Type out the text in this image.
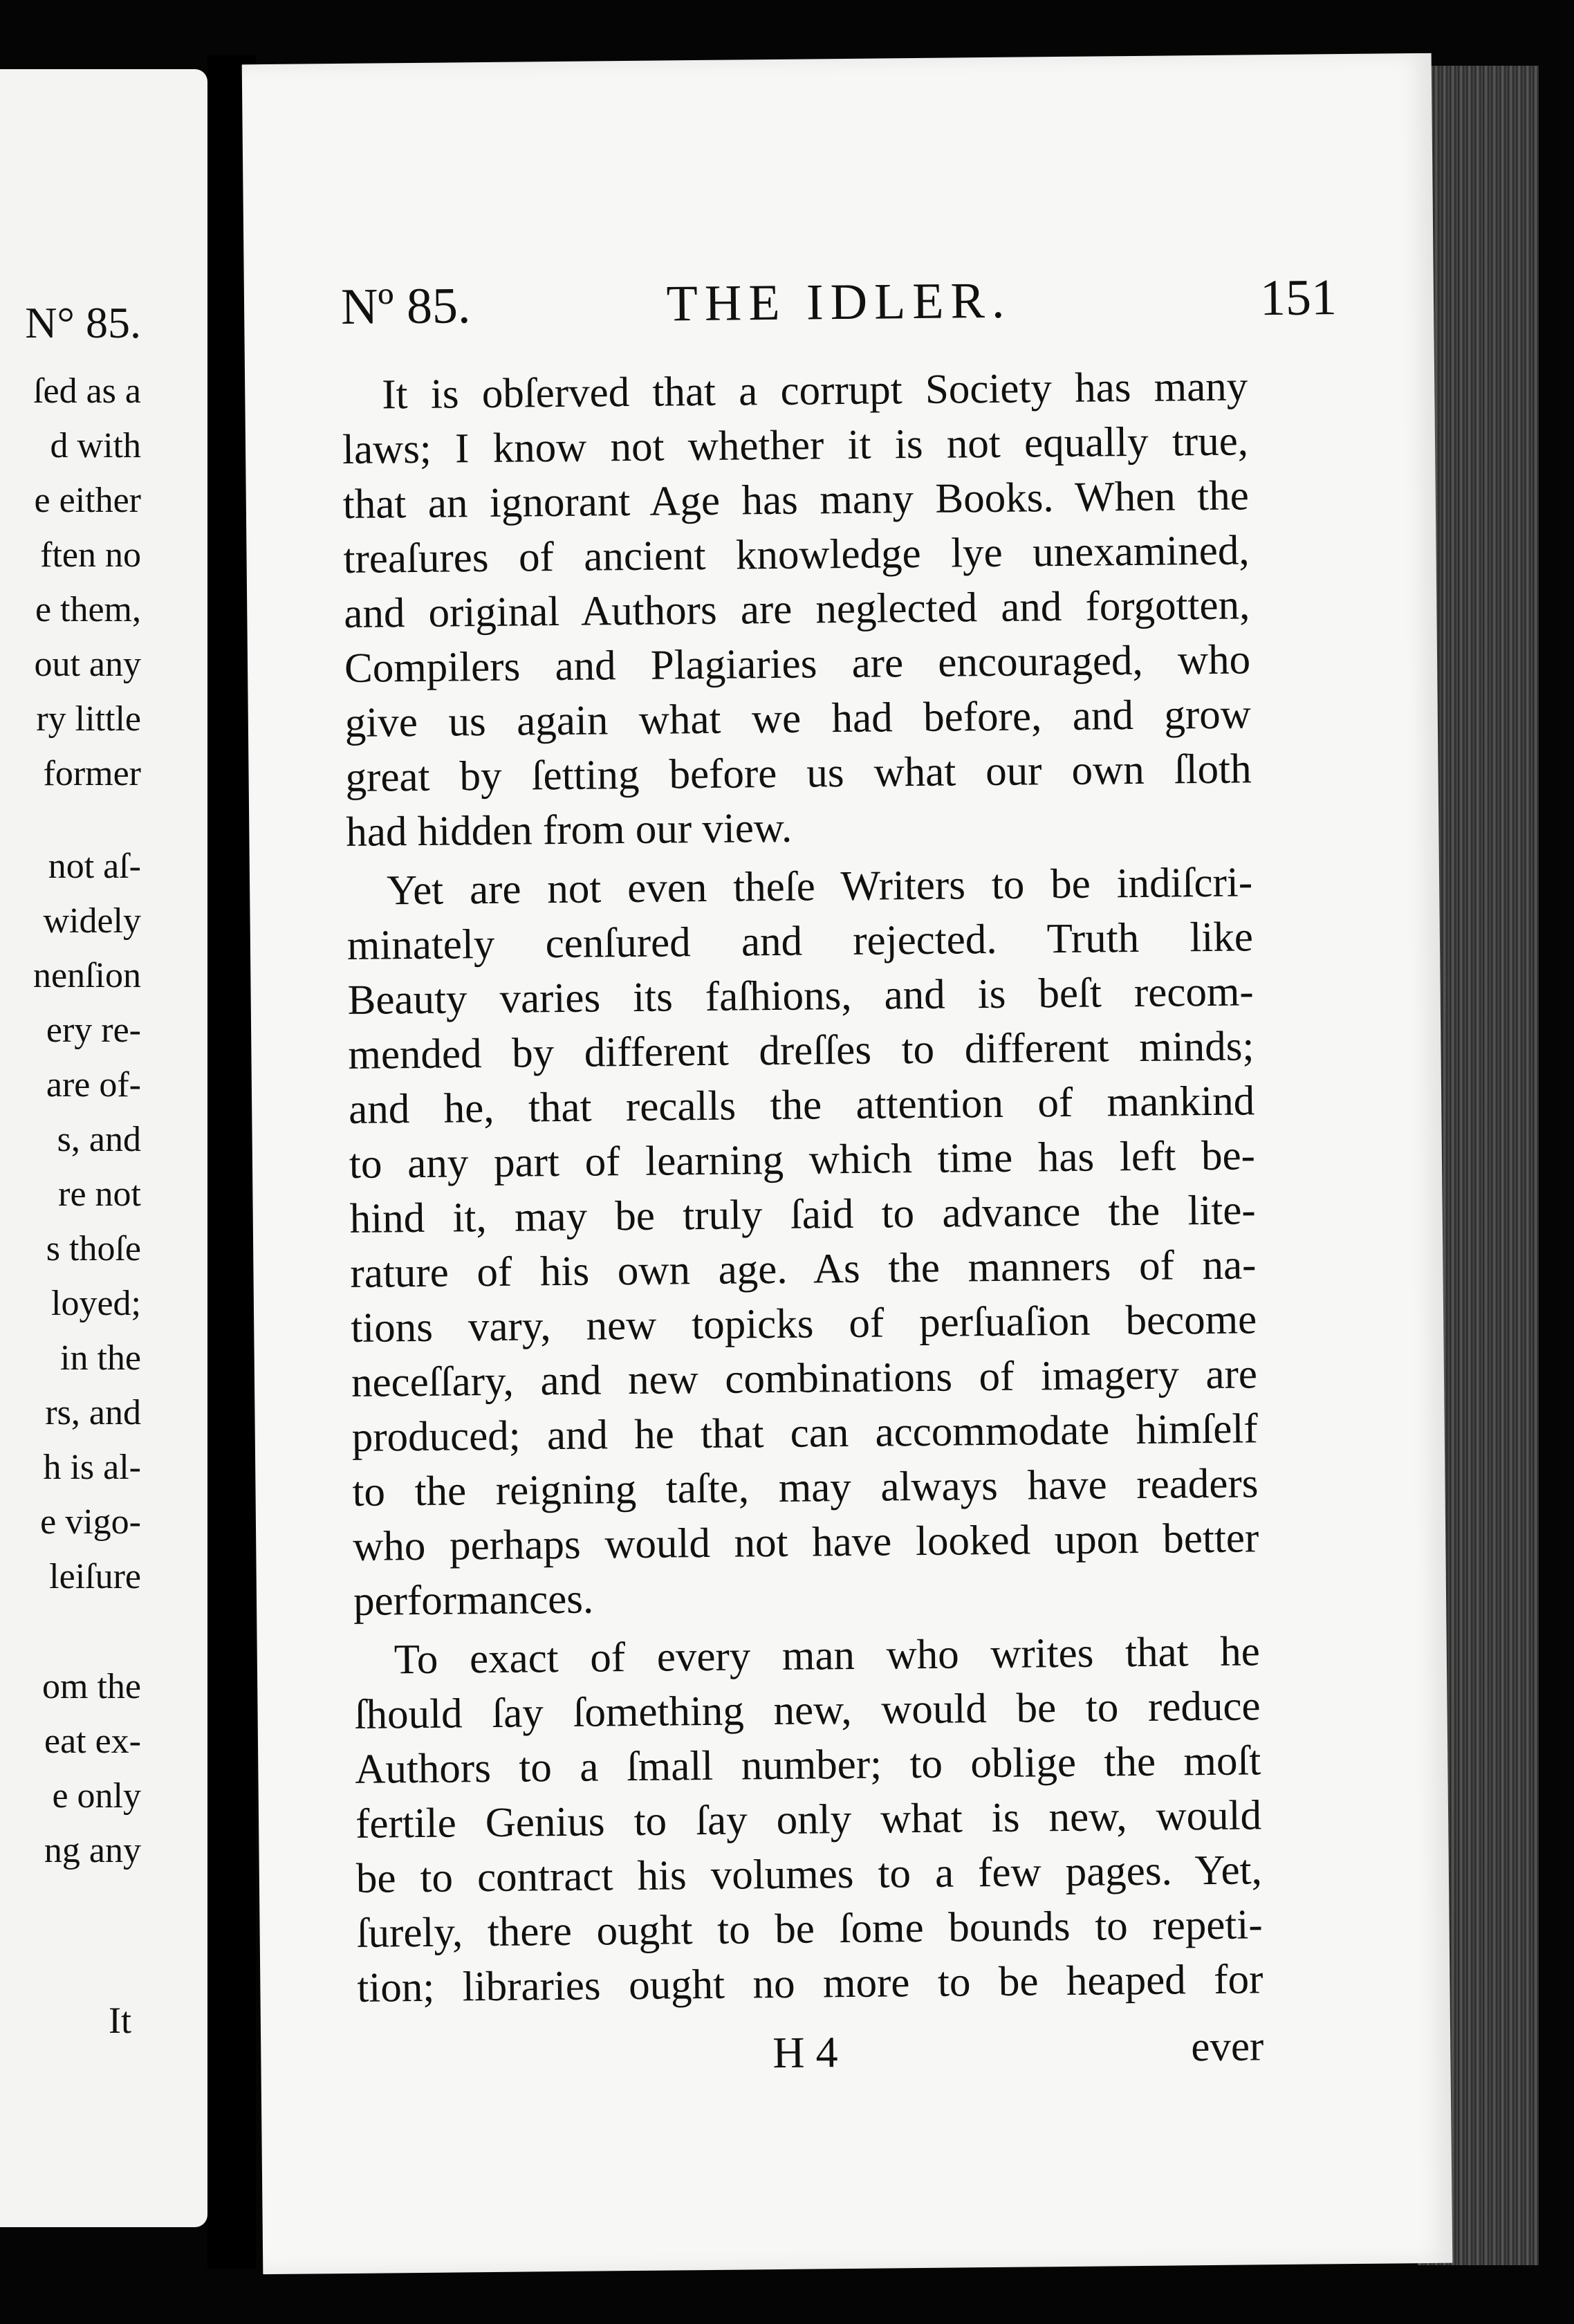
N° 85.
ſed as a
d with
e either
ften no
e them,
out any
ry little
former
not aſ-
widely
nenſion
ery re-
are of-
s, and
re not
s thoſe
loyed;
in the
rs, and
h is al-
e vigo-
leiſure
om the
eat ex-
e only
ng any
It
Nº 85.	THE IDLER.	151
It is obſerved that a corrupt Society has many
laws; I know not whether it is not equally true,
that an ignorant Age has many Books. When the
treaſures of ancient knowledge lye unexamined,
and original Authors are neglected and forgotten,
Compilers and Plagiaries are encouraged, who
give us again what we had before, and grow
great by ſetting before us what our own ſloth
had hidden from our view.
Yet are not even theſe Writers to be indiſcri-
minately cenſured and rejected. Truth like
Beauty varies its faſhions, and is beſt recom-
mended by different dreſſes to different minds;
and he, that recalls the attention of mankind
to any part of learning which time has left be-
hind it, may be truly ſaid to advance the lite-
rature of his own age. As the manners of na-
tions vary, new topicks of perſuaſion become
neceſſary, and new combinations of imagery are
produced; and he that can accommodate himſelf
to the reigning taſte, may always have readers
who perhaps would not have looked upon better
performances.
To exact of every man who writes that he
ſhould ſay ſomething new, would be to reduce
Authors to a ſmall number; to oblige the moſt
fertile Genius to ſay only what is new, would
be to contract his volumes to a few pages. Yet,
ſurely, there ought to be ſome bounds to repeti-
tion; libraries ought no more to be heaped for
H 4	ever
